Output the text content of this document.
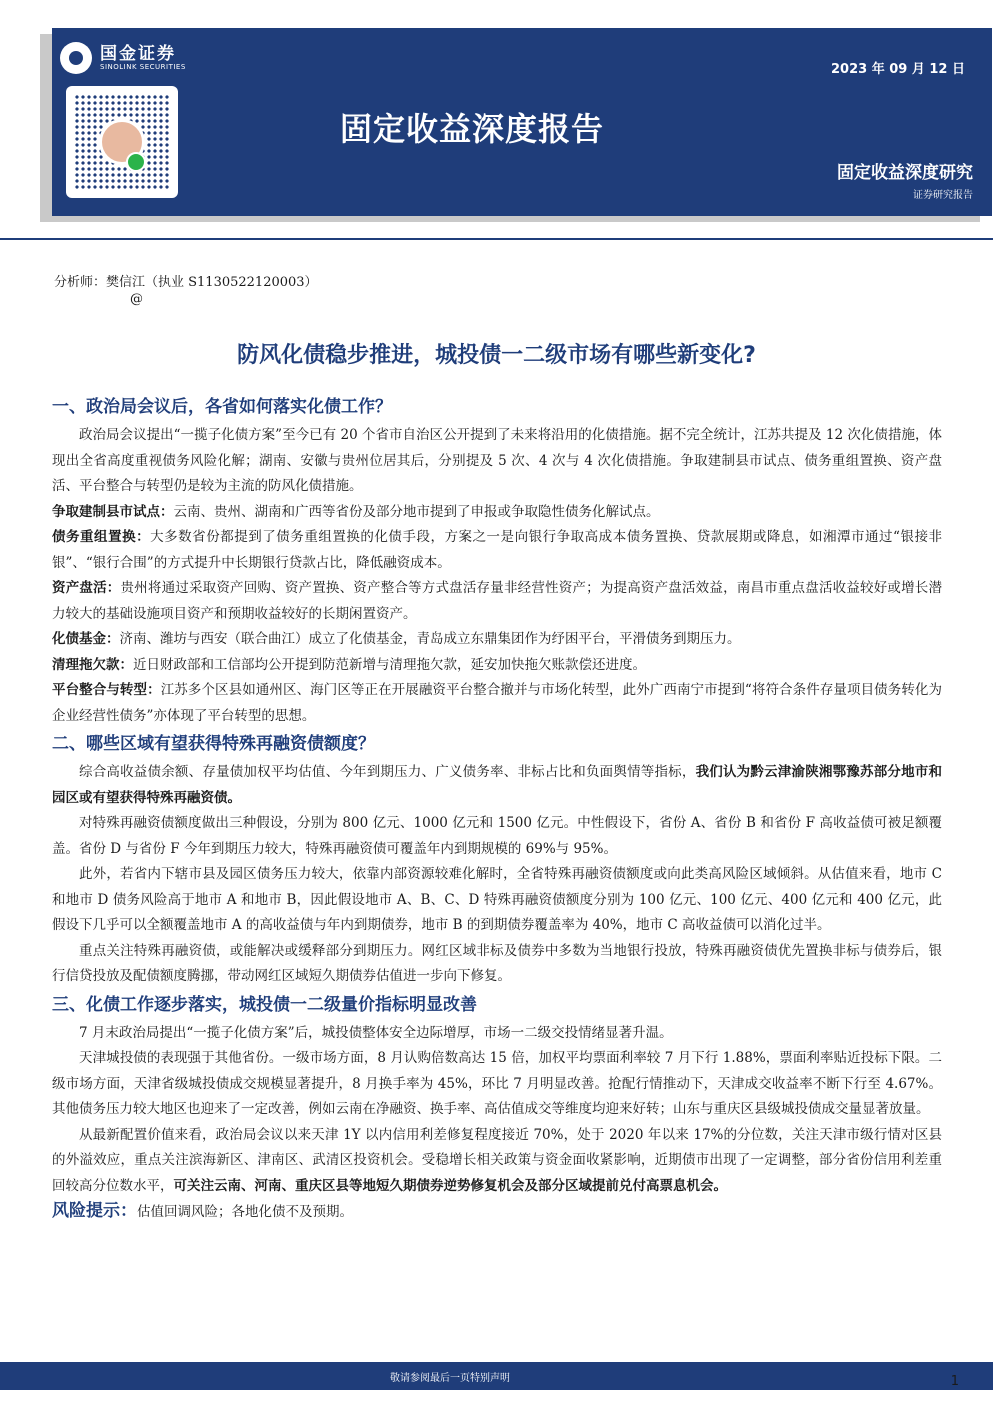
国金证券
SINOLINK SECURITIES	2023 年 09 月 12 日
固定收益深度报告
固定收益深度研究
证券研究报告
分析师：樊信江（执业 S1130522120003）
@
防风化债稳步推进，城投债一二级市场有哪些新变化?
一、政治局会议后，各省如何落实化债工作？

政治局会议提出“一揽子化债方案”至今已有 20 个省市自治区公开提到了未来将沿用的化债措施。据不完全统计，江苏共提及 12 次化债措施，体现出全省高度重视债务风险化解；湖南、安徽与贵州位居其后，分别提及 5 次、4 次与 4 次化债措施。争取建制县市试点、债务重组置换、资产盘活、平台整合与转型仍是较为主流的防风化债措施。

争取建制县市试点：云南、贵州、湖南和广西等省份及部分地市提到了申报或争取隐性债务化解试点。

债务重组置换：大多数省份都提到了债务重组置换的化债手段，方案之一是向银行争取高成本债务置换、贷款展期或降息，如湘潭市通过“银接非银”、“银行合围”的方式提升中长期银行贷款占比，降低融资成本。

资产盘活：贵州将通过采取资产回购、资产置换、资产整合等方式盘活存量非经营性资产；为提高资产盘活效益，南昌市重点盘活收益较好或增长潜力较大的基础设施项目资产和预期收益较好的长期闲置资产。

化债基金：济南、潍坊与西安（联合曲江）成立了化债基金，青岛成立东鼎集团作为纾困平台，平滑债务到期压力。

清理拖欠款：近日财政部和工信部均公开提到防范新增与清理拖欠款，延安加快拖欠账款偿还进度。

平台整合与转型：江苏多个区县如通州区、海门区等正在开展融资平台整合撤并与市场化转型，此外广西南宁市提到“将符合条件存量项目债务转化为企业经营性债务”亦体现了平台转型的思想。

二、哪些区域有望获得特殊再融资债额度？

综合高收益债余额、存量债加权平均估值、今年到期压力、广义债务率、非标占比和负面舆情等指标，我们认为黔云津渝陕湘鄂豫苏部分地市和园区或有望获得特殊再融资债。

对特殊再融资债额度做出三种假设，分别为 800 亿元、1000 亿元和 1500 亿元。中性假设下，省份 A、省份 B 和省份 F 高收益债可被足额覆盖。省份 D 与省份 F 今年到期压力较大，特殊再融资债可覆盖年内到期规模的 69%与 95%。

此外，若省内下辖市县及园区债务压力较大，依靠内部资源较难化解时，全省特殊再融资债额度或向此类高风险区域倾斜。从估值来看，地市 C 和地市 D 债务风险高于地市 A 和地市 B，因此假设地市 A、B、C、D 特殊再融资债额度分别为 100 亿元、100 亿元、400 亿元和 400 亿元，此假设下几乎可以全额覆盖地市 A 的高收益债与年内到期债券，地市 B 的到期债券覆盖率为 40%，地市 C 高收益债可以消化过半。

重点关注特殊再融资债，或能解决或缓释部分到期压力。网红区域非标及债券中多数为当地银行投放，特殊再融资债优先置换非标与债券后，银行信贷投放及配债额度腾挪，带动网红区域短久期债券估值进一步向下修复。

三、化债工作逐步落实，城投债一二级量价指标明显改善

7 月末政治局提出“一揽子化债方案”后，城投债整体安全边际增厚，市场一二级交投情绪显著升温。

天津城投债的表现强于其他省份。一级市场方面，8 月认购倍数高达 15 倍，加权平均票面利率较 7 月下行 1.88%，票面利率贴近投标下限。二级市场方面，天津省级城投债成交规模显著提升，8 月换手率为 45%，环比 7 月明显改善。抢配行情推动下，天津成交收益率不断下行至 4.67%。其他债务压力较大地区也迎来了一定改善，例如云南在净融资、换手率、高估值成交等维度均迎来好转；山东与重庆区县级城投债成交量显著放量。

从最新配置价值来看，政治局会议以来天津 1Y 以内信用利差修复程度接近 70%，处于 2020 年以来 17%的分位数，关注天津市级行情对区县的外溢效应，重点关注滨海新区、津南区、武清区投资机会。受稳增长相关政策与资金面收紧影响，近期债市出现了一定调整，部分省份信用利差重回较高分位数水平，可关注云南、河南、重庆区县等地短久期债券逆势修复机会及部分区域提前兑付高票息机会。

风险提示：估值回调风险；各地化债不及预期。

敬请参阅最后一页特别声明	1
